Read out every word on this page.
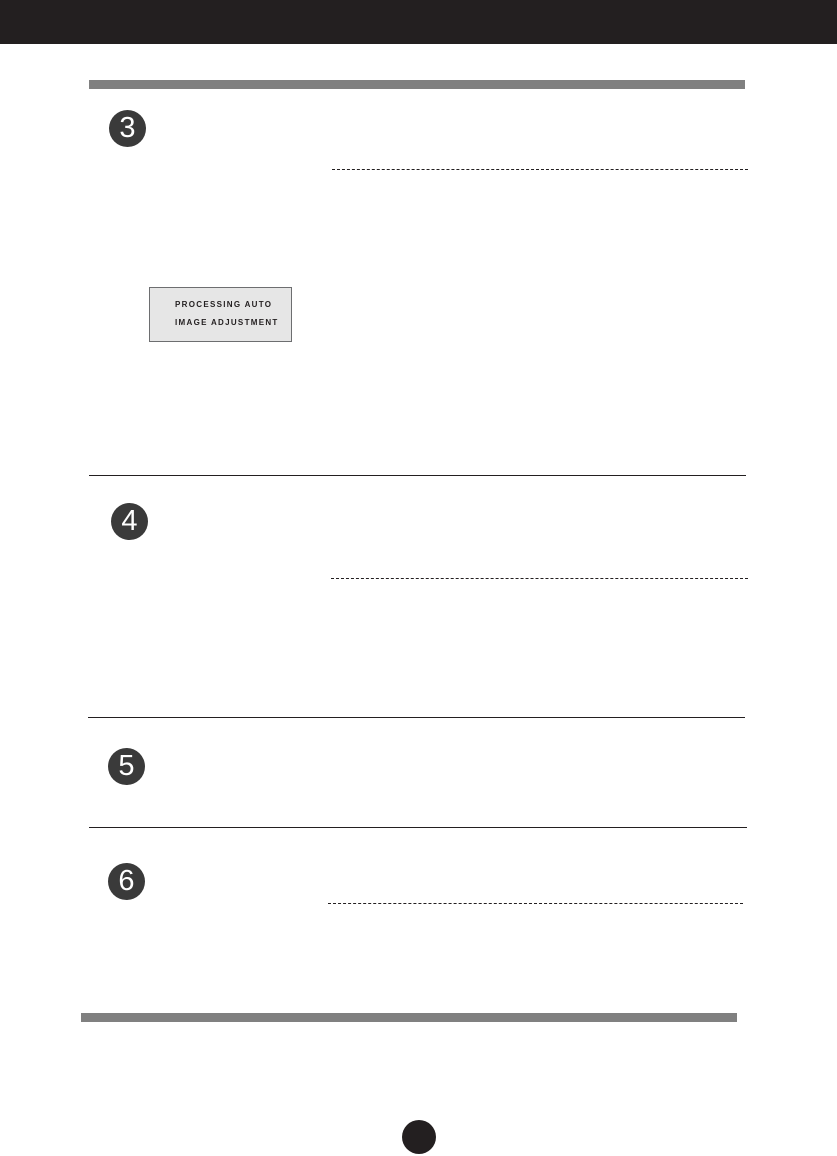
3
PROCESSING AUTO
IMAGE ADJUSTMENT
4
5
6
